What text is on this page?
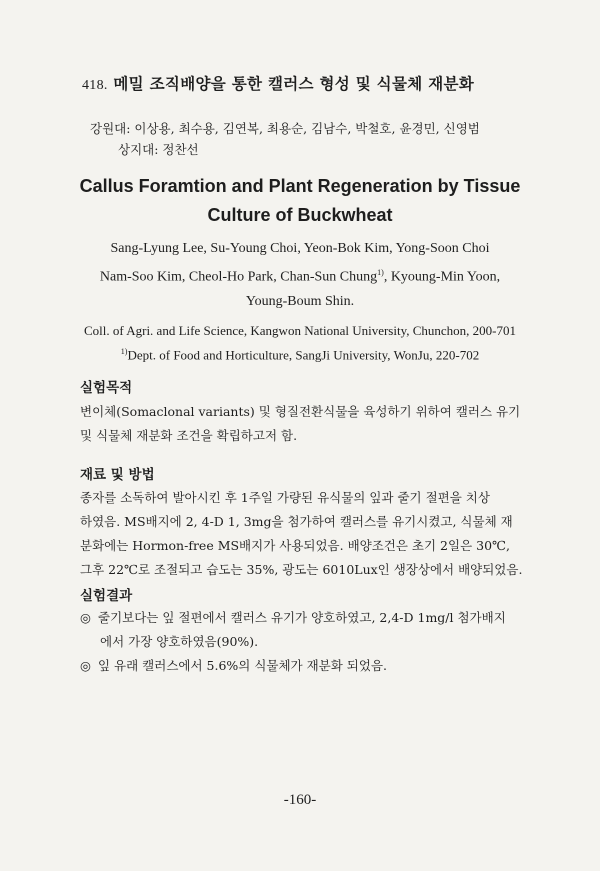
418. 메밀 조직배양을 통한 캘러스 형성 및 식물체 재분화
강원대: 이상용, 최수용, 김연복, 최용순, 김남수, 박철호, 윤경민, 신영범
상지대: 정찬선
Callus Foramtion and Plant Regeneration by Tissue
Culture of Buckwheat
Sang-Lyung Lee, Su-Young Choi, Yeon-Bok Kim, Yong-Soon Choi
Nam-Soo Kim, Cheol-Ho Park, Chan-Sun Chung$^{1)}$, Kyoung-Min Yoon,
Young-Boum Shin.
Coll. of Agri. and Life Science, Kangwon National University, Chunchon, 200-701
$^{1)}$Dept. of Food and Horticulture, SangJi University, WonJu, 220-702
실험목적
변이체(Somaclonal variants) 및 형질전환식물을 육성하기 위하여 캘러스 유기
및 식물체 재분화 조건을 확립하고저 함.
재료 및 방법
종자를 소독하여 발아시킨 후 1주일 가량된 유식물의 잎과 줄기 절편을 치상
하였음. MS배지에 2, 4-D 1, 3mg을 첨가하여 캘러스를 유기시켰고, 식물체 재
분화에는 Hormon-free MS배지가 사용되었음. 배양조건은 초기 2일은 30℃,
그후 22℃로 조절되고 습도는 35%, 광도는 6010Lux인 생장상에서 배양되었음.
실험결과
◎ 줄기보다는 잎 절편에서 캘러스 유기가 양호하였고, 2,4-D 1mg/l 첨가배지
에서 가장 양호하였음(90%).
◎ 잎 유래 캘러스에서 5.6%의 식물체가 재분화 되었음.
-160-
